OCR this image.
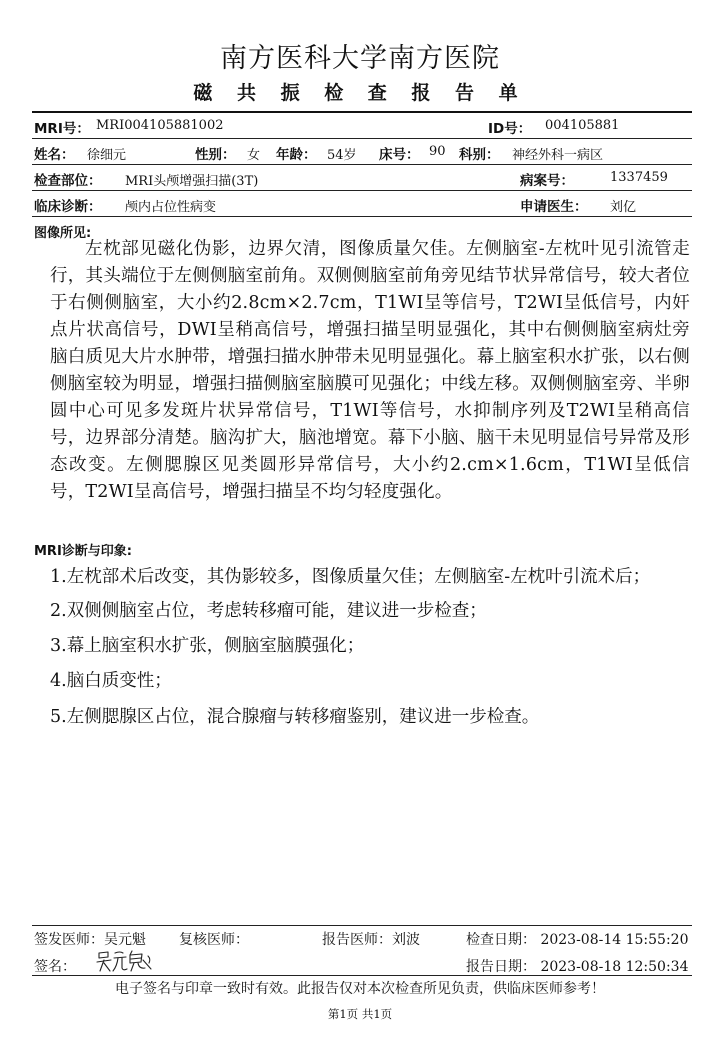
南方医科大学南方医院
磁 共 振 检 查 报 告 单
MRI号： MRI004105881002	ID号： 004105881
姓名： 徐细元	性别： 女 年龄： 54岁 床号： 90 科别： 神经外科一病区
检查部位： MRI头颅增强扫描(3T)	病案号：	1337459
临床诊断： 颅内占位性病变	申请医生： 刘亿
图像所见:
左枕部见磁化伪影，边界欠清，图像质量欠佳。左侧脑室-左枕叶见引流管走行，其头端位于左侧侧脑室前角。双侧侧脑室前角旁见结节状异常信号，较大者位于右侧侧脑室，大小约2.8cm×2.7cm，T1WI呈等信号，T2WI呈低信号，内奸点片状高信号，DWI呈稍高信号，增强扫描呈明显强化，其中右侧侧脑室病灶旁脑白质见大片水肿带，增强扫描水肿带未见明显强化。幕上脑室积水扩张，以右侧侧脑室较为明显，增强扫描侧脑室脑膜可见强化；中线左移。双侧侧脑室旁、半卵圆中心可见多发斑片状异常信号，T1WI等信号，水抑制序列及T2WI呈稍高信号，边界部分清楚。脑沟扩大，脑池增宽。幕下小脑、脑干未见明显信号异常及形态改变。左侧腮腺区见类圆形异常信号，大小约2.cm×1.6cm，T1WI呈低信号，T2WI呈高信号，增强扫描呈不均匀轻度强化。
MRI诊断与印象:
1.左枕部术后改变，其伪影较多，图像质量欠佳；左侧脑室-左枕叶引流术后；
2.双侧侧脑室占位，考虑转移瘤可能，建议进一步检查；
3.幕上脑室积水扩张，侧脑室脑膜强化；
4.脑白质变性；
5.左侧腮腺区占位，混合腺瘤与转移瘤鉴别，建议进一步检查。
签发医师：吴元魁 复核医师：	报告医师：刘波	检查日期： 2023-08-14 15:55:20
签名：	报告日期： 2023-08-18 12:50:34
电子签名与印章一致时有效。此报告仅对本次检查所见负责，供临床医师参考！
第1页 共1页
